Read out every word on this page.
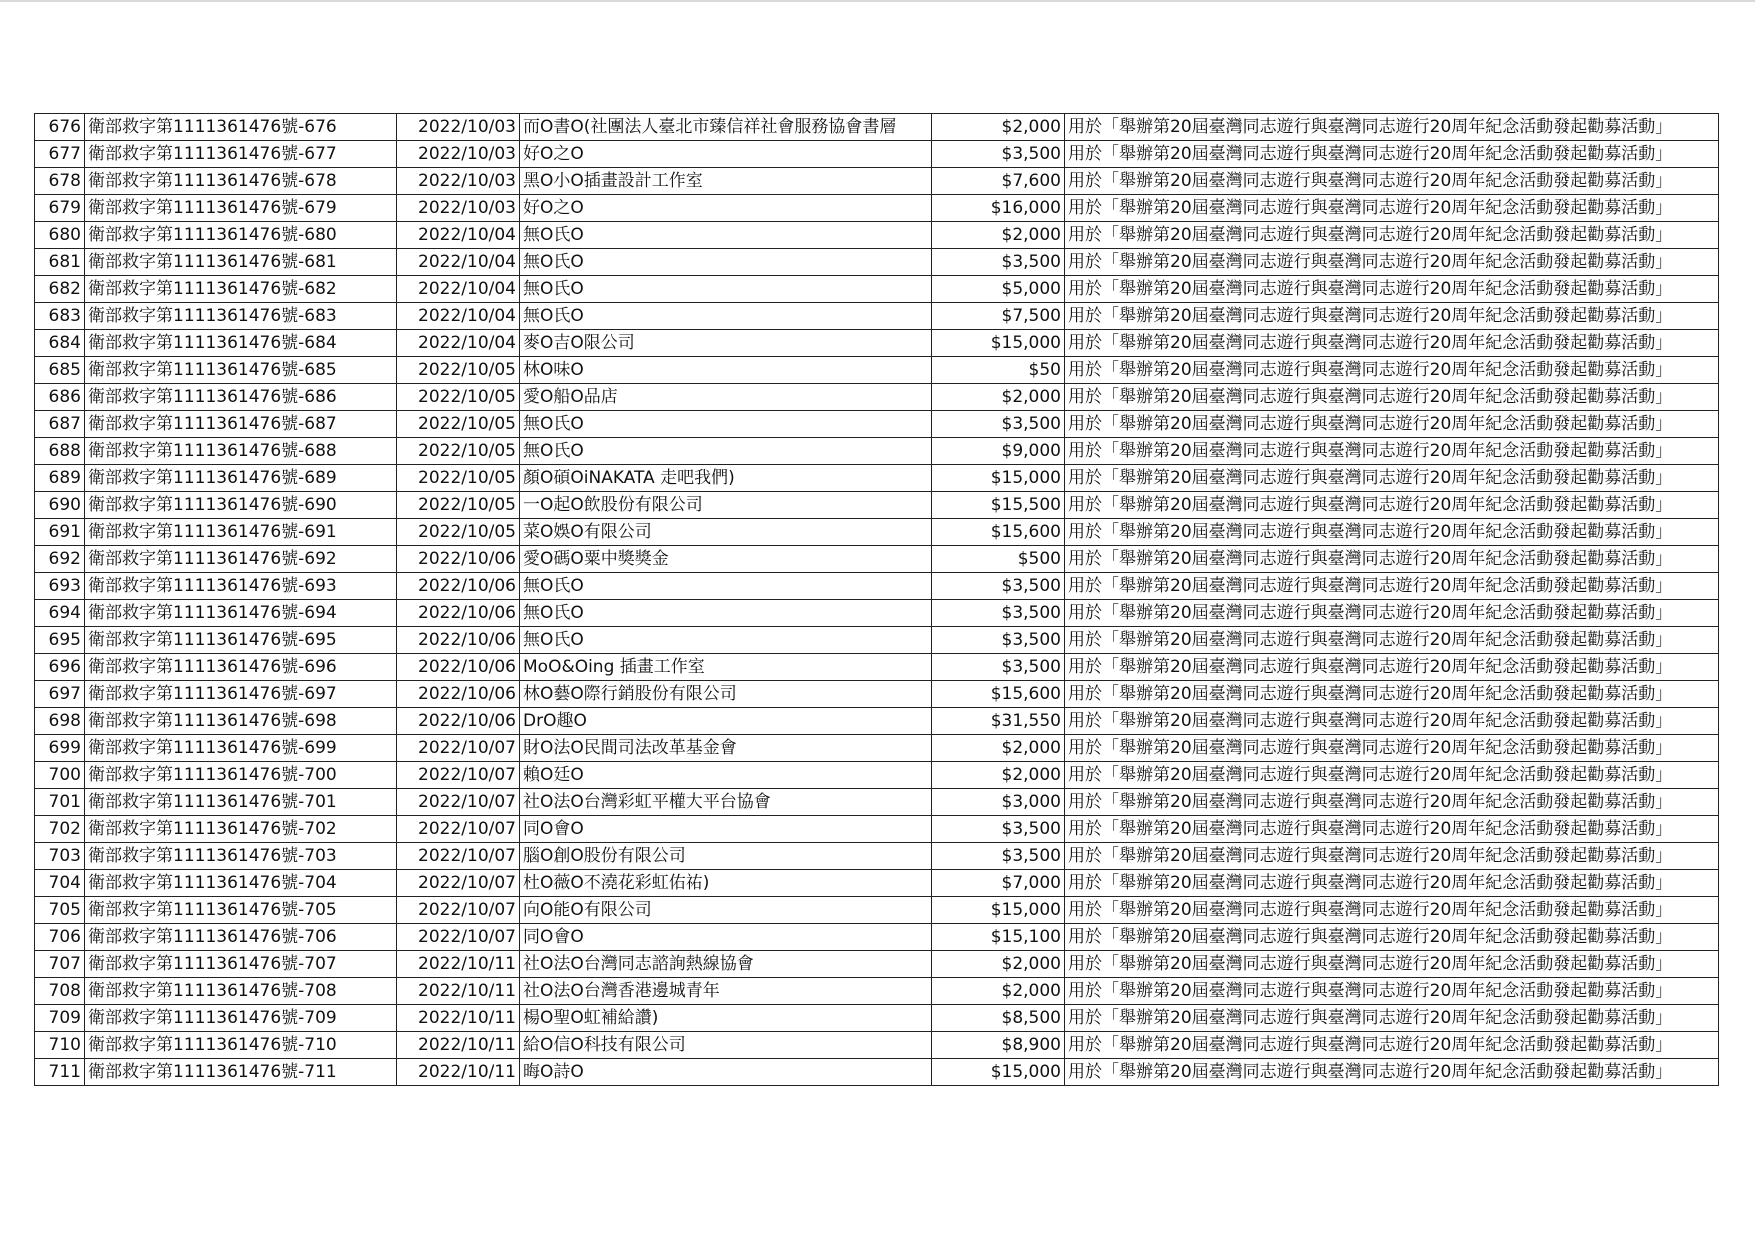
676	衛部救字第1111361476號-676	2022/10/03	而O書O(社團法人臺北市臻信祥社會服務協會書層	$2,000	用於「舉辦第20屆臺灣同志遊行與臺灣同志遊行20周年紀念活動發起勸募活動」
677	衛部救字第1111361476號-677	2022/10/03	好O之O	$3,500	用於「舉辦第20屆臺灣同志遊行與臺灣同志遊行20周年紀念活動發起勸募活動」
678	衛部救字第1111361476號-678	2022/10/03	黑O小O插畫設計工作室	$7,600	用於「舉辦第20屆臺灣同志遊行與臺灣同志遊行20周年紀念活動發起勸募活動」
679	衛部救字第1111361476號-679	2022/10/03	好O之O	$16,000	用於「舉辦第20屆臺灣同志遊行與臺灣同志遊行20周年紀念活動發起勸募活動」
680	衛部救字第1111361476號-680	2022/10/04	無O氏O	$2,000	用於「舉辦第20屆臺灣同志遊行與臺灣同志遊行20周年紀念活動發起勸募活動」
681	衛部救字第1111361476號-681	2022/10/04	無O氏O	$3,500	用於「舉辦第20屆臺灣同志遊行與臺灣同志遊行20周年紀念活動發起勸募活動」
682	衛部救字第1111361476號-682	2022/10/04	無O氏O	$5,000	用於「舉辦第20屆臺灣同志遊行與臺灣同志遊行20周年紀念活動發起勸募活動」
683	衛部救字第1111361476號-683	2022/10/04	無O氏O	$7,500	用於「舉辦第20屆臺灣同志遊行與臺灣同志遊行20周年紀念活動發起勸募活動」
684	衛部救字第1111361476號-684	2022/10/04	麥O吉O限公司	$15,000	用於「舉辦第20屆臺灣同志遊行與臺灣同志遊行20周年紀念活動發起勸募活動」
685	衛部救字第1111361476號-685	2022/10/05	林O味O	$50	用於「舉辦第20屆臺灣同志遊行與臺灣同志遊行20周年紀念活動發起勸募活動」
686	衛部救字第1111361476號-686	2022/10/05	愛O船O品店	$2,000	用於「舉辦第20屆臺灣同志遊行與臺灣同志遊行20周年紀念活動發起勸募活動」
687	衛部救字第1111361476號-687	2022/10/05	無O氏O	$3,500	用於「舉辦第20屆臺灣同志遊行與臺灣同志遊行20周年紀念活動發起勸募活動」
688	衛部救字第1111361476號-688	2022/10/05	無O氏O	$9,000	用於「舉辦第20屆臺灣同志遊行與臺灣同志遊行20周年紀念活動發起勸募活動」
689	衛部救字第1111361476號-689	2022/10/05	顏O碩OiNAKATA 走吧我們)	$15,000	用於「舉辦第20屆臺灣同志遊行與臺灣同志遊行20周年紀念活動發起勸募活動」
690	衛部救字第1111361476號-690	2022/10/05	一O起O飲股份有限公司	$15,500	用於「舉辦第20屆臺灣同志遊行與臺灣同志遊行20周年紀念活動發起勸募活動」
691	衛部救字第1111361476號-691	2022/10/05	菜O娛O有限公司	$15,600	用於「舉辦第20屆臺灣同志遊行與臺灣同志遊行20周年紀念活動發起勸募活動」
692	衛部救字第1111361476號-692	2022/10/06	愛O碼O粟中獎獎金	$500	用於「舉辦第20屆臺灣同志遊行與臺灣同志遊行20周年紀念活動發起勸募活動」
693	衛部救字第1111361476號-693	2022/10/06	無O氏O	$3,500	用於「舉辦第20屆臺灣同志遊行與臺灣同志遊行20周年紀念活動發起勸募活動」
694	衛部救字第1111361476號-694	2022/10/06	無O氏O	$3,500	用於「舉辦第20屆臺灣同志遊行與臺灣同志遊行20周年紀念活動發起勸募活動」
695	衛部救字第1111361476號-695	2022/10/06	無O氏O	$3,500	用於「舉辦第20屆臺灣同志遊行與臺灣同志遊行20周年紀念活動發起勸募活動」
696	衛部救字第1111361476號-696	2022/10/06	MoO&Oing 插畫工作室	$3,500	用於「舉辦第20屆臺灣同志遊行與臺灣同志遊行20周年紀念活動發起勸募活動」
697	衛部救字第1111361476號-697	2022/10/06	林O藝O際行銷股份有限公司	$15,600	用於「舉辦第20屆臺灣同志遊行與臺灣同志遊行20周年紀念活動發起勸募活動」
698	衛部救字第1111361476號-698	2022/10/06	DrO趣O	$31,550	用於「舉辦第20屆臺灣同志遊行與臺灣同志遊行20周年紀念活動發起勸募活動」
699	衛部救字第1111361476號-699	2022/10/07	財O法O民間司法改革基金會	$2,000	用於「舉辦第20屆臺灣同志遊行與臺灣同志遊行20周年紀念活動發起勸募活動」
700	衛部救字第1111361476號-700	2022/10/07	賴O廷O	$2,000	用於「舉辦第20屆臺灣同志遊行與臺灣同志遊行20周年紀念活動發起勸募活動」
701	衛部救字第1111361476號-701	2022/10/07	社O法O台灣彩虹平權大平台協會	$3,000	用於「舉辦第20屆臺灣同志遊行與臺灣同志遊行20周年紀念活動發起勸募活動」
702	衛部救字第1111361476號-702	2022/10/07	同O會O	$3,500	用於「舉辦第20屆臺灣同志遊行與臺灣同志遊行20周年紀念活動發起勸募活動」
703	衛部救字第1111361476號-703	2022/10/07	腦O創O股份有限公司	$3,500	用於「舉辦第20屆臺灣同志遊行與臺灣同志遊行20周年紀念活動發起勸募活動」
704	衛部救字第1111361476號-704	2022/10/07	杜O薇O不澆花彩虹佑祐)	$7,000	用於「舉辦第20屆臺灣同志遊行與臺灣同志遊行20周年紀念活動發起勸募活動」
705	衛部救字第1111361476號-705	2022/10/07	向O能O有限公司	$15,000	用於「舉辦第20屆臺灣同志遊行與臺灣同志遊行20周年紀念活動發起勸募活動」
706	衛部救字第1111361476號-706	2022/10/07	同O會O	$15,100	用於「舉辦第20屆臺灣同志遊行與臺灣同志遊行20周年紀念活動發起勸募活動」
707	衛部救字第1111361476號-707	2022/10/11	社O法O台灣同志諮詢熱線協會	$2,000	用於「舉辦第20屆臺灣同志遊行與臺灣同志遊行20周年紀念活動發起勸募活動」
708	衛部救字第1111361476號-708	2022/10/11	社O法O台灣香港邊城青年	$2,000	用於「舉辦第20屆臺灣同志遊行與臺灣同志遊行20周年紀念活動發起勸募活動」
709	衛部救字第1111361476號-709	2022/10/11	楊O聖O虹補給讚)	$8,500	用於「舉辦第20屆臺灣同志遊行與臺灣同志遊行20周年紀念活動發起勸募活動」
710	衛部救字第1111361476號-710	2022/10/11	給O信O科技有限公司	$8,900	用於「舉辦第20屆臺灣同志遊行與臺灣同志遊行20周年紀念活動發起勸募活動」
711	衛部救字第1111361476號-711	2022/10/11	晦O詩O	$15,000	用於「舉辦第20屆臺灣同志遊行與臺灣同志遊行20周年紀念活動發起勸募活動」
